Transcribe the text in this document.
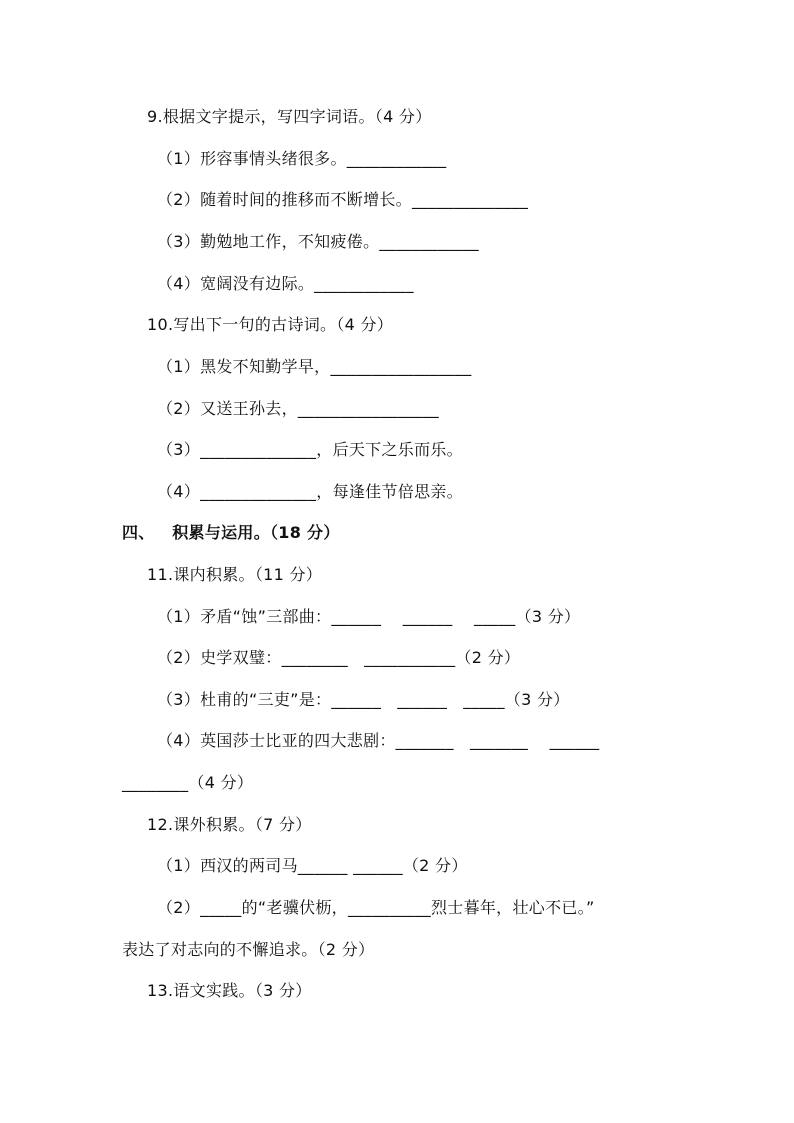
9.根据文字提示，写四字词语。（4 分）
（1）形容事情头绪很多。____________
（2）随着时间的推移而不断增长。______________
（3）勤勉地工作，不知疲倦。____________
（4）宽阔没有边际。____________
10.写出下一句的古诗词。（4 分）
（1）黑发不知勤学早，_________________
（2）又送王孙去，_________________
（3）______________，后天下之乐而乐。
（4）______________，每逢佳节倍思亲。
四、   积累与运用。（18 分）
11.课内积累。（11 分）
（1）矛盾“蚀”三部曲：______    ______    _____（3 分）
（2）史学双璧：________   ___________（2 分）
（3）杜甫的“三吏”是：______   ______   _____（3 分）
（4）英国莎士比亚的四大悲剧：_______   _______    ______
________（4 分）
12.课外积累。（7 分）
（1）西汉的两司马______ ______（2 分）
（2）_____的“老骥伏枥，__________烈士暮年，壮心不已。”
表达了对志向的不懈追求。（2 分）
13.语文实践。（3 分）
